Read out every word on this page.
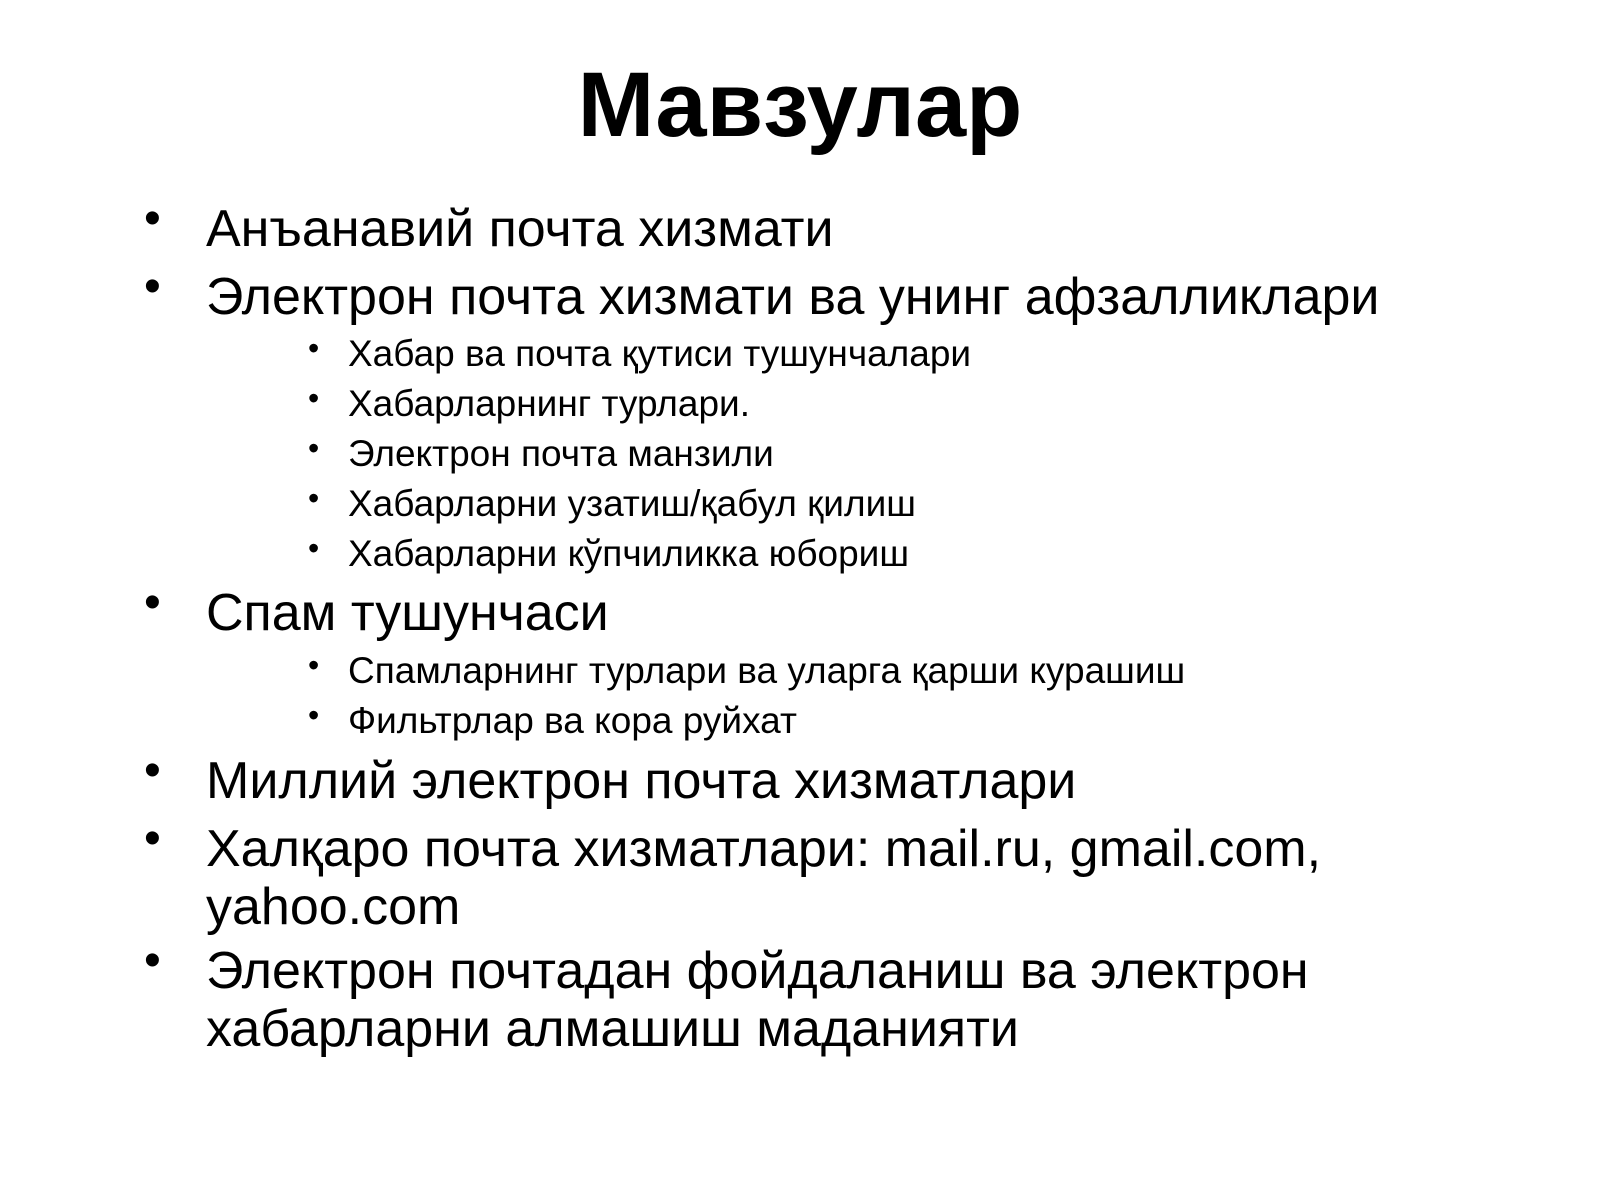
Мавзулар
• Анъанавий почта хизмати
• Электрон почта хизмати ва унинг афзалликлари
• Хабар ва почта қутиси тушунчалари
• Хабарларнинг турлари.
• Электрон почта манзили
• Хабарларни узатиш/қабул қилиш
• Хабарларни кўпчиликка юбориш
• Спам тушунчаси
• Спамларнинг турлари ва уларга қарши курашиш
• Фильтрлар ва кора руйхат
• Миллий электрон почта хизматлари
• Халқаро почта хизматлари: mail.ru, gmail.com, yahoo.com
• Электрон почтадан фойдаланиш ва электрон хабарларни алмашиш маданияти
